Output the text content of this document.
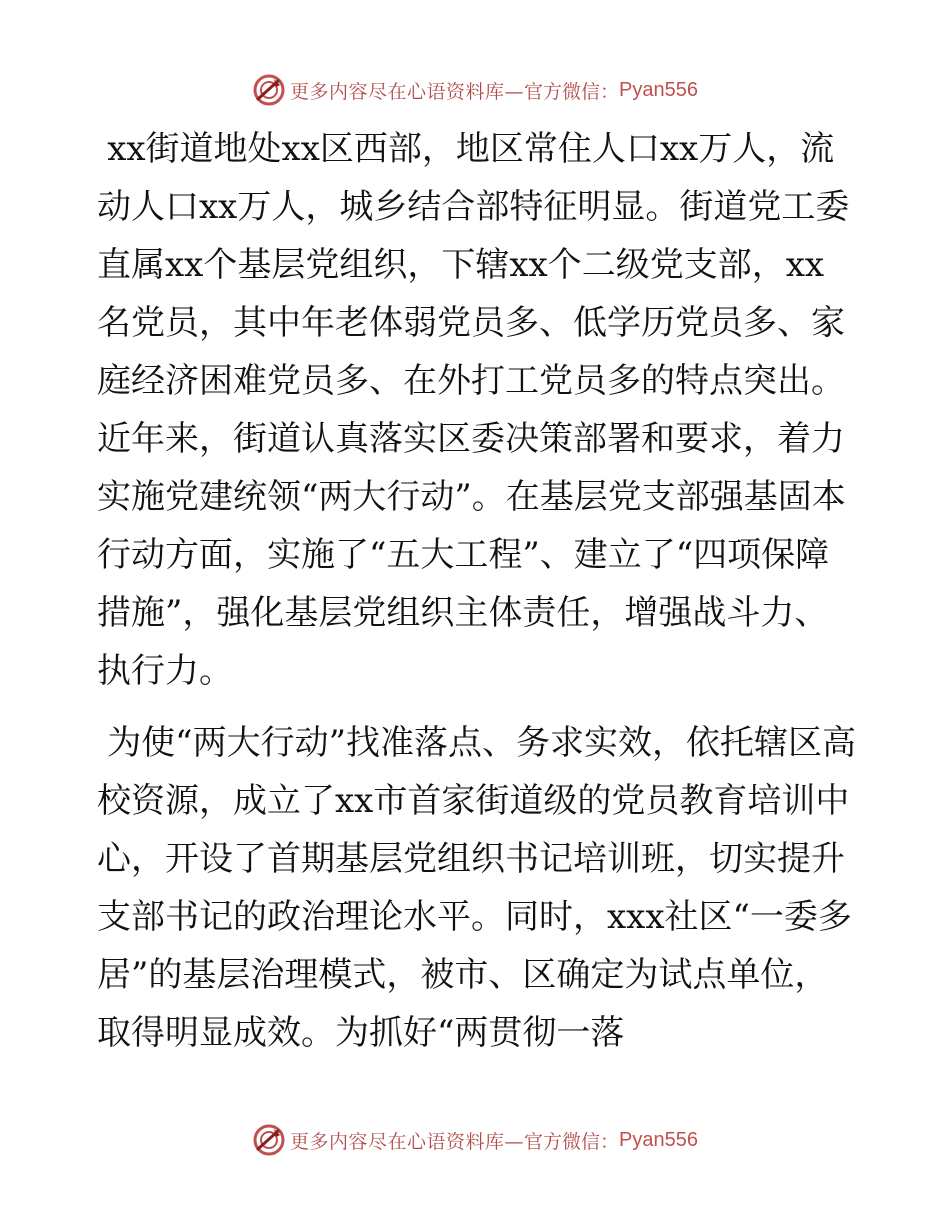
更多内容尽在心语资料库— 官方微信： Pyan556

xx街道地处xx区西部，地区常住人口xx万人，流动人口xx万人，城乡结合部特征明显。街道党工委直属xx个基层党组织，下辖xx个二级党支部，xx名党员，其中年老体弱党员多、低学历党员多、家庭经济困难党员多、在外打工党员多的特点突出。近年来，街道认真落实区委决策部署和要求，着力实施党建统领“两大行动”。在基层党支部强基固本行动方面，实施了“五大工程”、建立了“四项保障措施”，强化基层党组织主体责任，增强战斗力、执行力。

为使“两大行动”找准落点、务求实效，依托辖区高校资源，成立了xx市首家街道级的党员教育培训中心，开设了首期基层党组织书记培训班，切实提升支部书记的政治理论水平。同时，xxx社区“一委多居”的基层治理模式，被市、区确定为试点单位，取得明显成效。为抓好“两贯彻一落

更多内容尽在心语资料库— 官方微信： Pyan556
